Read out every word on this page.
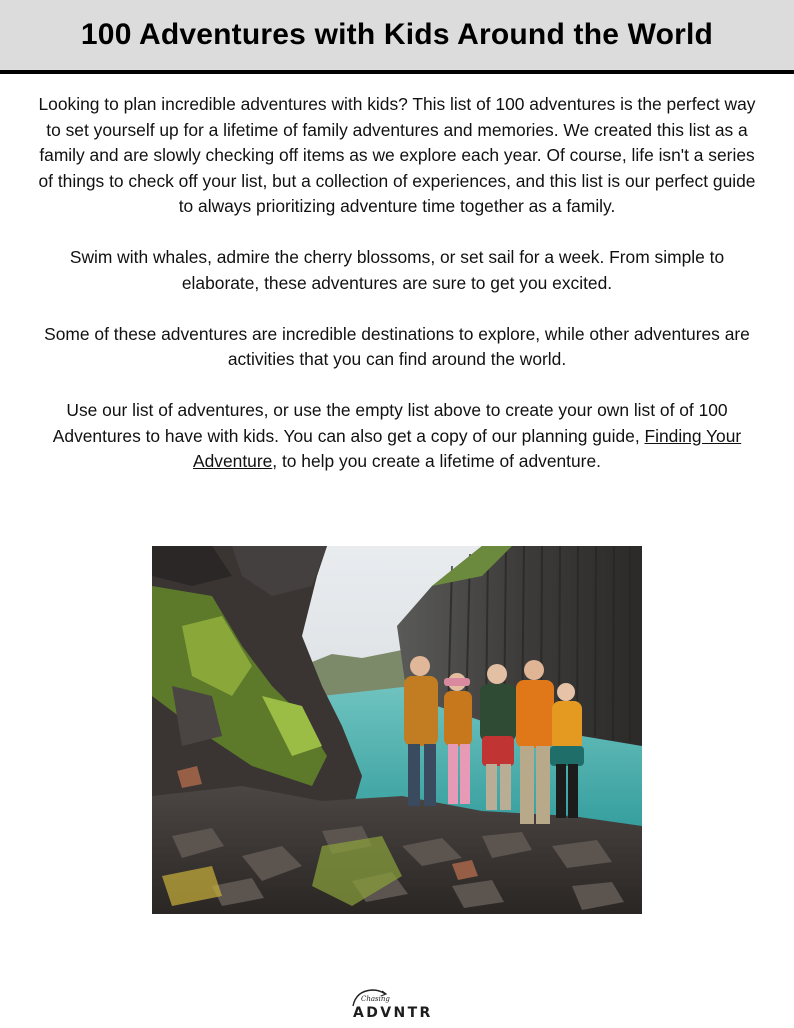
100 Adventures with Kids Around the World

Looking to plan incredible adventures with kids? This list of 100 adventures is the perfect way to set yourself up for a lifetime of family adventures and memories. We created this list as a family and are slowly checking off items as we explore each year. Of course, life isn't a series of things to check off your list, but a collection of experiences, and this list is our perfect guide to always prioritizing adventure time together as a family.

Swim with whales, admire the cherry blossoms, or set sail for a week. From simple to elaborate, these adventures are sure to get you excited.

Some of these adventures are incredible destinations to explore, while other adventures are activities that you can find around the world.

Use our list of adventures, or use the empty list above to create your own list of of 100 Adventures to have with kids. You can also get a copy of our planning guide, Finding Your Adventure, to help you create a lifetime of adventure.

Chasing
ADVNTR
